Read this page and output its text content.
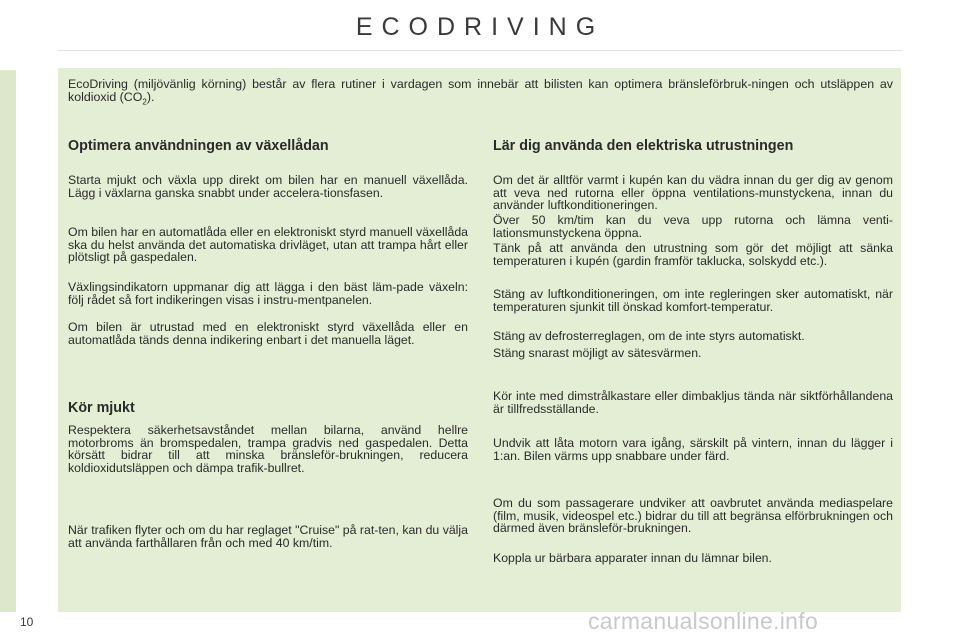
ECODRIVING
EcoDriving (miljövänlig körning) består av flera rutiner i vardagen som innebär att bilisten kan optimera bränsleförbruk-ningen och utsläppen av koldioxid $(CO_2)$.
Optimera användningen av växellådan

Starta mjukt och växla upp direkt om bilen har en manuell växellåda. Lägg i växlarna ganska snabbt under accelera-tionsfasen.

Om bilen har en automatlåda eller en elektroniskt styrd manuell växellåda ska du helst använda det automatiska drivläget, utan att trampa hårt eller plötsligt på gaspedalen.

Växlingsindikatorn uppmanar dig att lägga i den bäst läm-pade växeln: följ rådet så fort indikeringen visas i instru-mentpanelen.

Om bilen är utrustad med en elektroniskt styrd växellåda eller en automatlåda tänds denna indikering enbart i det manuella läget.

Kör mjukt

Respektera säkerhetsavståndet mellan bilarna, använd hellre motorbroms än bromspedalen, trampa gradvis ned gaspedalen. Detta körsätt bidrar till att minska bränsleför-brukningen, reducera koldioxidutsläppen och dämpa trafik-bullret.

När trafiken flyter och om du har reglaget "Cruise" på rat-ten, kan du välja att använda farthållaren från och med 40 km/tim.

Lär dig använda den elektriska utrustningen

Om det är alltför varmt i kupén kan du vädra innan du ger dig av genom att veva ned rutorna eller öppna ventilations-munstyckena, innan du använder luftkonditioneringen.

Över 50 km/tim kan du veva upp rutorna och lämna venti-lationsmunstyckena öppna.

Tänk på att använda den utrustning som gör det möjligt att sänka temperaturen i kupén (gardin framför taklucka, solskydd etc.).

Stäng av luftkonditioneringen, om inte regleringen sker automatiskt, när temperaturen sjunkit till önskad komfort-temperatur.

Stäng av defrosterreglagen, om de inte styrs automatiskt.

Stäng snarast möjligt av sätesvärmen.

Kör inte med dimstrålkastare eller dimbakljus tända när siktförhållandena är tillfredsställande.

Undvik att låta motorn vara igång, särskilt på vintern, innan du lägger i 1:an. Bilen värms upp snabbare under färd.

Om du som passagerare undviker att oavbrutet använda mediaspelare (film, musik, videospel etc.) bidrar du till att begränsa elförbrukningen och därmed även bränsleför-brukningen.

Koppla ur bärbara apparater innan du lämnar bilen.

10	carmanualsonline.info
